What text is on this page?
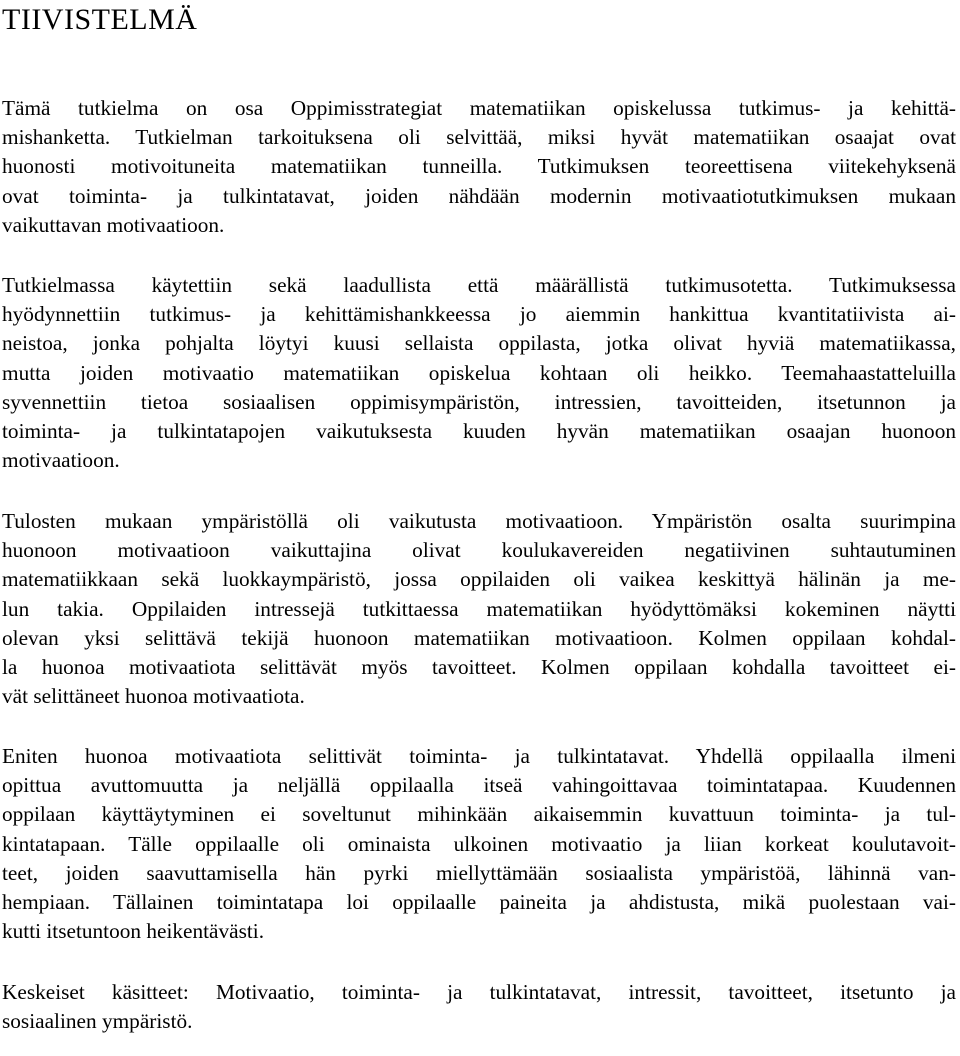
TIIVISTELMÄ

Tämä tutkielma on osa Oppimisstrategiat matematiikan opiskelussa tutkimus- ja kehittä-
mishanketta. Tutkielman tarkoituksena oli selvittää, miksi hyvät matematiikan osaajat ovat
huonosti motivoituneita matematiikan tunneilla. Tutkimuksen teoreettisena viitekehyksenä
ovat toiminta- ja tulkintatavat, joiden nähdään modernin motivaatiotutkimuksen mukaan
vaikuttavan motivaatioon.

Tutkielmassa käytettiin sekä laadullista että määrällistä tutkimusotetta. Tutkimuksessa
hyödynnettiin tutkimus- ja kehittämishankkeessa jo aiemmin hankittua kvantitatiivista ai-
neistoa, jonka pohjalta löytyi kuusi sellaista oppilasta, jotka olivat hyviä matematiikassa,
mutta joiden motivaatio matematiikan opiskelua kohtaan oli heikko. Teemahaastatteluilla
syvennettiin tietoa sosiaalisen oppimisympäristön, intressien, tavoitteiden, itsetunnon ja
toiminta- ja tulkintatapojen vaikutuksesta kuuden hyvän matematiikan osaajan huonoon
motivaatioon.

Tulosten mukaan ympäristöllä oli vaikutusta motivaatioon. Ympäristön osalta suurimpina
huonoon motivaatioon vaikuttajina olivat koulukavereiden negatiivinen suhtautuminen
matematiikkaan sekä luokkaympäristö, jossa oppilaiden oli vaikea keskittyä hälinän ja me-
lun takia. Oppilaiden intressejä tutkittaessa matematiikan hyödyttömäksi kokeminen näytti
olevan yksi selittävä tekijä huonoon matematiikan motivaatioon. Kolmen oppilaan kohdal-
la huonoa motivaatiota selittävät myös tavoitteet. Kolmen oppilaan kohdalla tavoitteet ei-
vät selittäneet huonoa motivaatiota.

Eniten huonoa motivaatiota selittivät toiminta- ja tulkintatavat. Yhdellä oppilaalla ilmeni
opittua avuttomuutta ja neljällä oppilaalla itseä vahingoittavaa toimintatapaa. Kuudennen
oppilaan käyttäytyminen ei soveltunut mihinkään aikaisemmin kuvattuun toiminta- ja tul-
kintatapaan. Tälle oppilaalle oli ominaista ulkoinen motivaatio ja liian korkeat koulutavoit-
teet, joiden saavuttamisella hän pyrki miellyttämään sosiaalista ympäristöä, lähinnä van-
hempiaan. Tällainen toimintatapa loi oppilaalle paineita ja ahdistusta, mikä puolestaan vai-
kutti itsetuntoon heikentävästi.

Keskeiset käsitteet: Motivaatio, toiminta- ja tulkintatavat, intressit, tavoitteet, itsetunto ja
sosiaalinen ympäristö.
